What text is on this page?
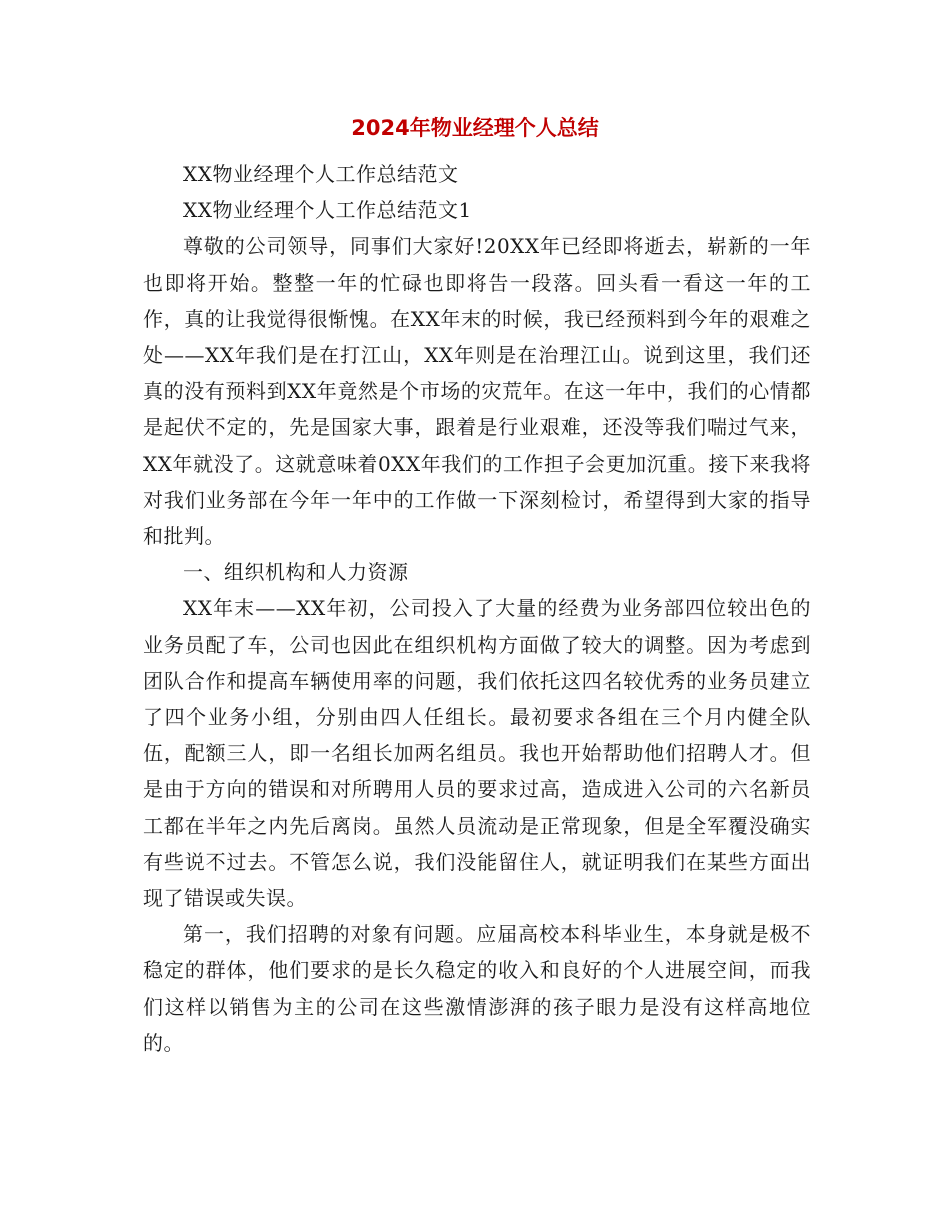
2024年物业经理个人总结

XX物业经理个人工作总结范文

XX物业经理个人工作总结范文1

尊敬的公司领导，同事们大家好!20XX年已经即将逝去，崭新的一年也即将开始。整整一年的忙碌也即将告一段落。回头看一看这一年的工作，真的让我觉得很惭愧。在XX年末的时候，我已经预料到今年的艰难之处——XX年我们是在打江山，XX年则是在治理江山。说到这里，我们还真的没有预料到XX年竟然是个市场的灾荒年。在这一年中，我们的心情都是起伏不定的，先是国家大事，跟着是行业艰难，还没等我们喘过气来，XX年就没了。这就意味着0XX年我们的工作担子会更加沉重。接下来我将对我们业务部在今年一年中的工作做一下深刻检讨，希望得到大家的指导和批判。

一、组织机构和人力资源

XX年末——XX年初，公司投入了大量的经费为业务部四位较出色的业务员配了车，公司也因此在组织机构方面做了较大的调整。因为考虑到团队合作和提高车辆使用率的问题，我们依托这四名较优秀的业务员建立了四个业务小组，分别由四人任组长。最初要求各组在三个月内健全队伍，配额三人，即一名组长加两名组员。我也开始帮助他们招聘人才。但是由于方向的错误和对所聘用人员的要求过高，造成进入公司的六名新员工都在半年之内先后离岗。虽然人员流动是正常现象，但是全军覆没确实有些说不过去。不管怎么说，我们没能留住人，就证明我们在某些方面出现了错误或失误。

第一，我们招聘的对象有问题。应届高校本科毕业生，本身就是极不稳定的群体，他们要求的是长久稳定的收入和良好的个人进展空间，而我们这样以销售为主的公司在这些激情澎湃的孩子眼力是没有这样高地位的。
